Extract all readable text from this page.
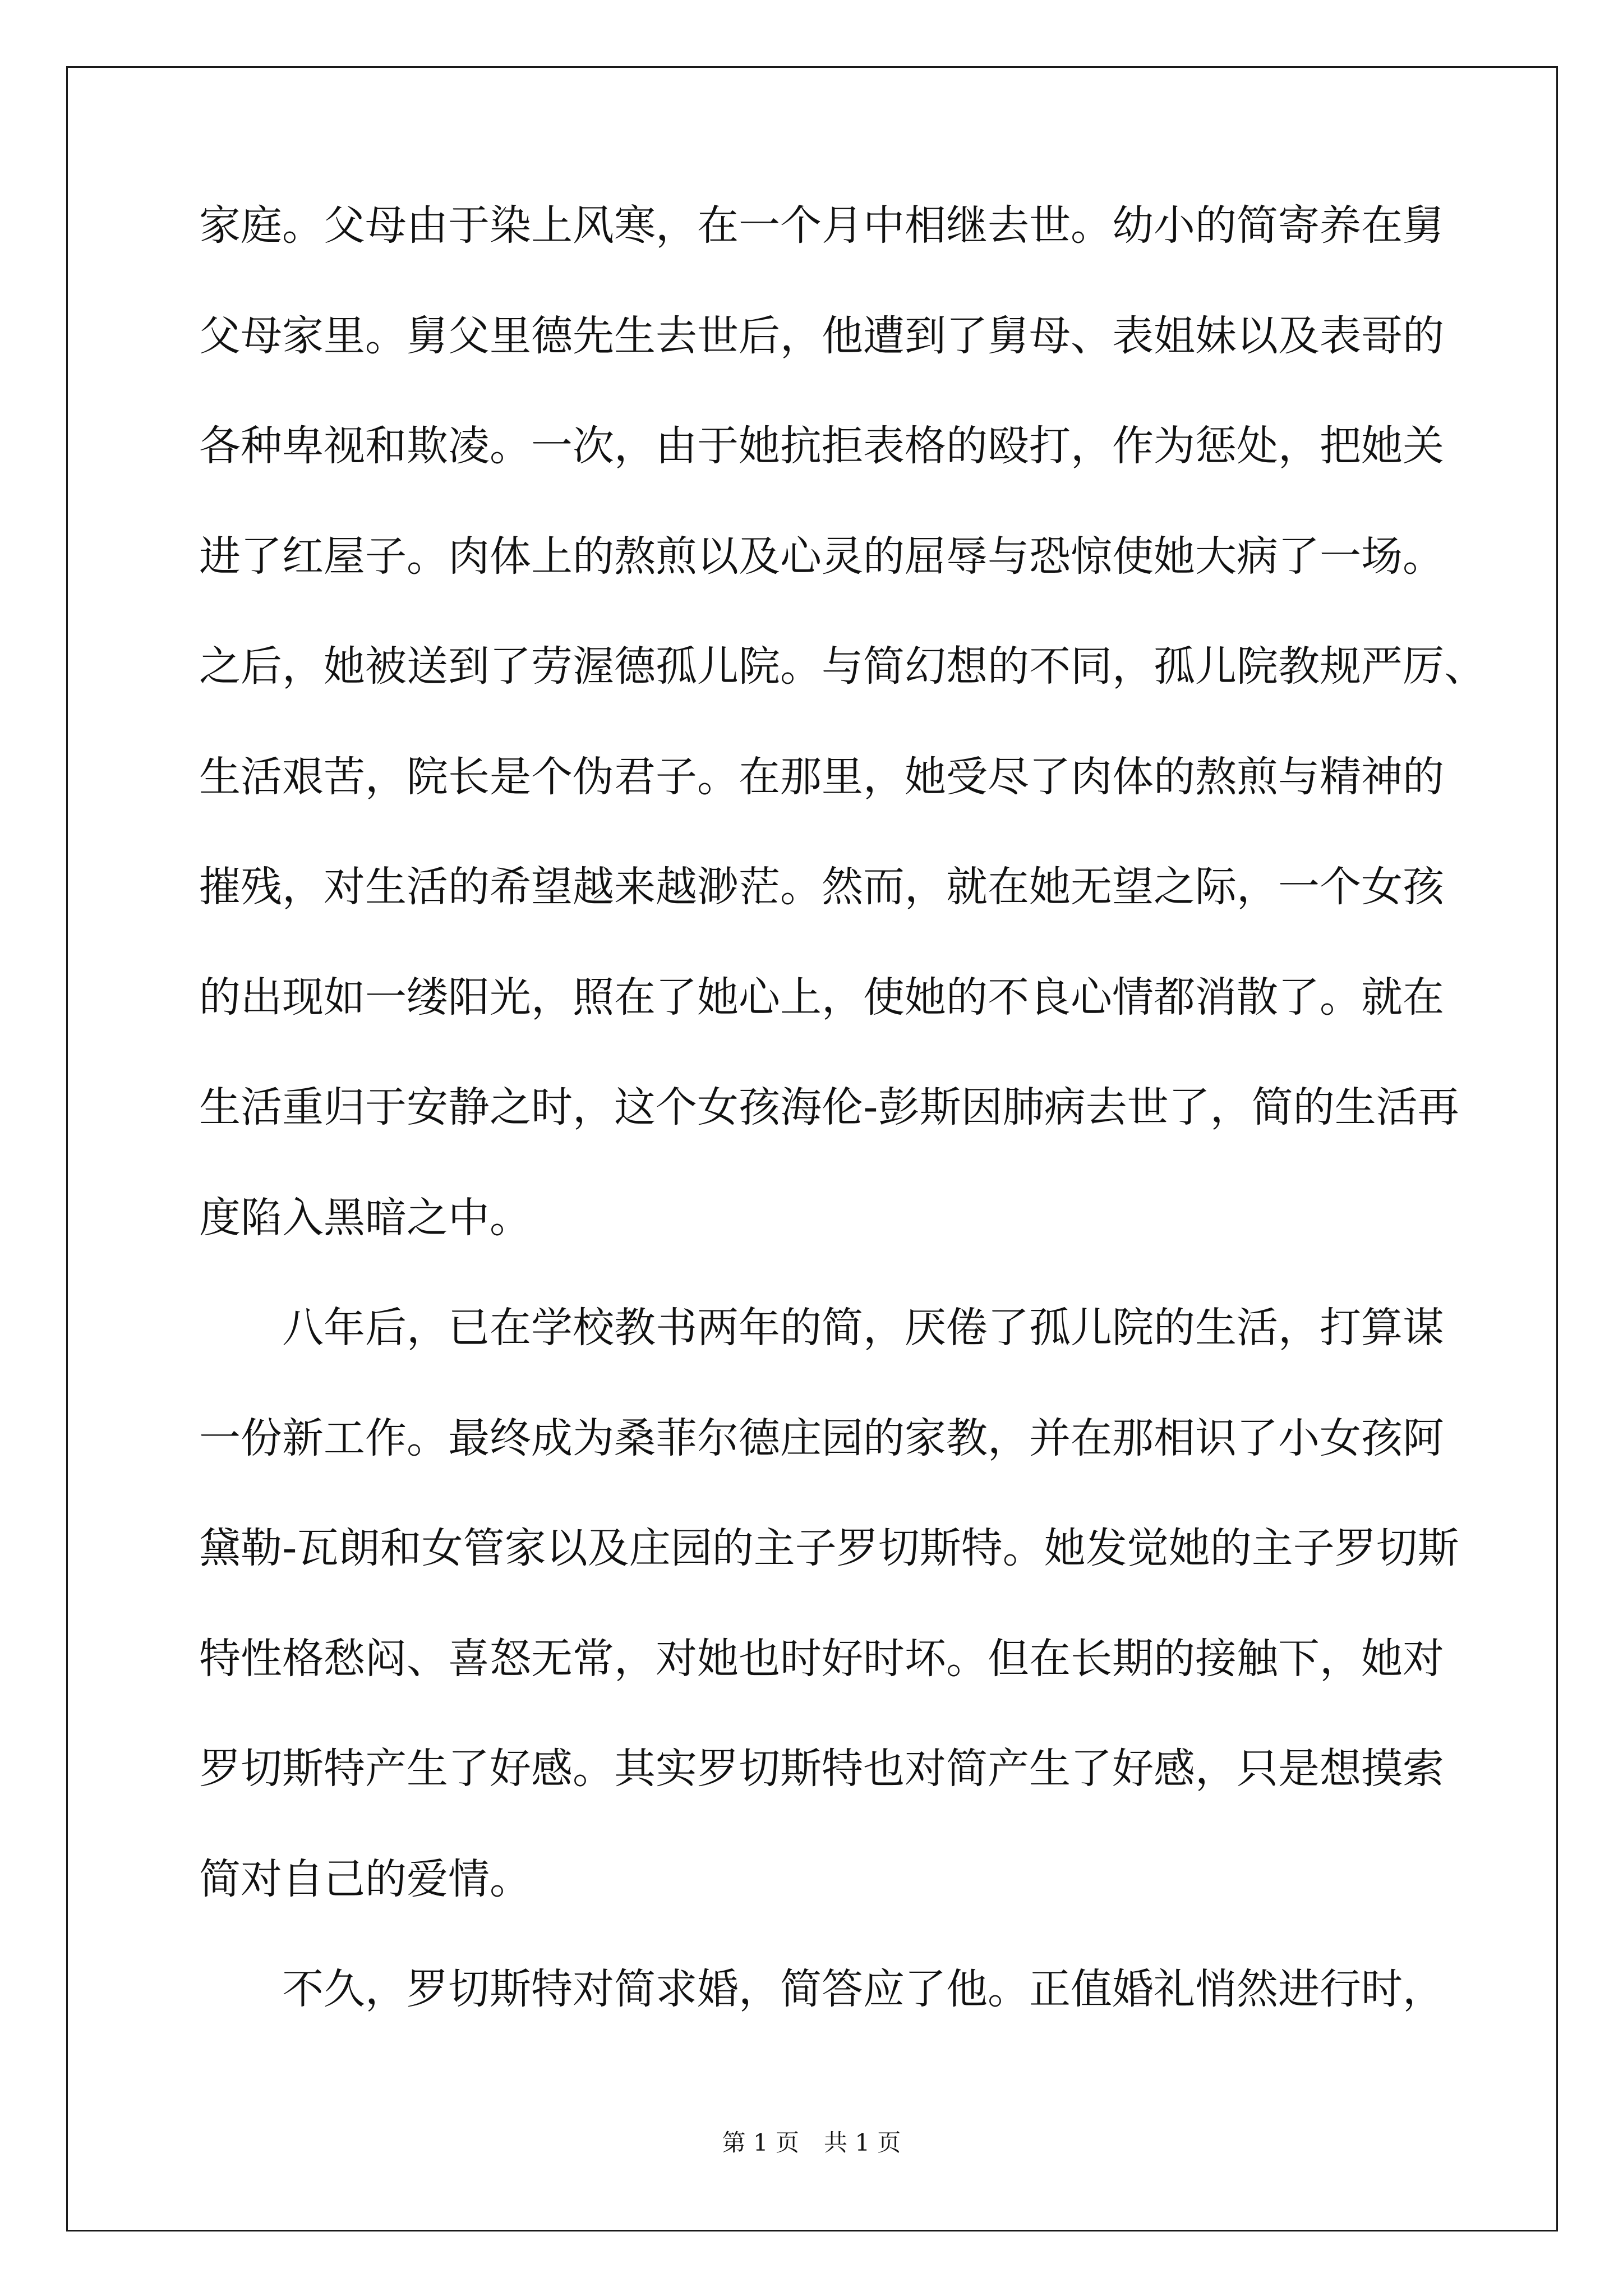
家庭。父母由于染上风寒，在一个月中相继去世。幼小的简寄养在舅
父母家里。舅父里德先生去世后，他遭到了舅母、表姐妹以及表哥的
各种卑视和欺凌。一次，由于她抗拒表格的殴打，作为惩处，把她关
进了红屋子。肉体上的熬煎以及心灵的屈辱与恐惊使她大病了一场。
之后，她被送到了劳渥德孤儿院。与简幻想的不同，孤儿院教规严厉、
生活艰苦，院长是个伪君子。在那里，她受尽了肉体的熬煎与精神的
摧残，对生活的希望越来越渺茫。然而，就在她无望之际，一个女孩
的出现如一缕阳光，照在了她心上，使她的不良心情都消散了。就在
生活重归于安静之时，这个女孩海伦-彭斯因肺病去世了，简的生活再
度陷入黑暗之中。
八年后，已在学校教书两年的简，厌倦了孤儿院的生活，打算谋
一份新工作。最终成为桑菲尔德庄园的家教，并在那相识了小女孩阿
黛勒-瓦朗和女管家以及庄园的主子罗切斯特。她发觉她的主子罗切斯
特性格愁闷、喜怒无常，对她也时好时坏。但在长期的接触下，她对
罗切斯特产生了好感。其实罗切斯特也对简产生了好感，只是想摸索
简对自己的爱情。
不久，罗切斯特对简求婚，简答应了他。正值婚礼悄然进行时，
第 1 页 共 1 页
